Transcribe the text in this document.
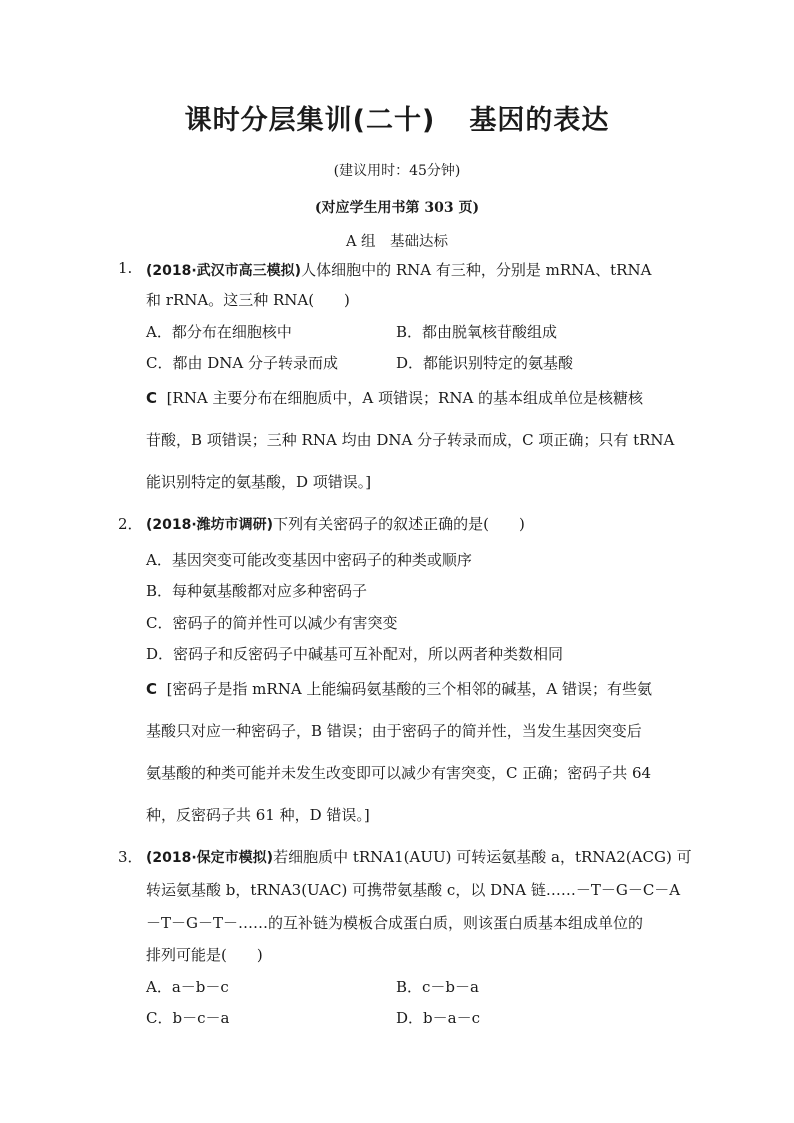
课时分层集训(二十) 基因的表达
(建议用时：45分钟)
(对应学生用书第 303 页)
A 组　基础达标
1. (2018·武汉市高三模拟)人体细胞中的 RNA 有三种，分别是 mRNA、tRNA
和 rRNA。这三种 RNA(　　)
A．都分布在细胞核中	B．都由脱氧核苷酸组成
C．都由 DNA 分子转录而成	D．都能识别特定的氨基酸
C [RNA 主要分布在细胞质中，A 项错误；RNA 的基本组成单位是核糖核
苷酸，B 项错误；三种 RNA 均由 DNA 分子转录而成，C 项正确；只有 tRNA
能识别特定的氨基酸，D 项错误。]
2． (2018·潍坊市调研)下列有关密码子的叙述正确的是(　　)
A．基因突变可能改变基因中密码子的种类或顺序
B．每种氨基酸都对应多种密码子
C．密码子的简并性可以减少有害突变
D．密码子和反密码子中碱基可互补配对，所以两者种类数相同
C [密码子是指 mRNA 上能编码氨基酸的三个相邻的碱基，A 错误；有些氨
基酸只对应一种密码子，B 错误；由于密码子的简并性，当发生基因突变后
氨基酸的种类可能并未发生改变即可以减少有害突变，C 正确；密码子共 64
种，反密码子共 61 种，D 错误。]
3． (2018·保定市模拟)若细胞质中 tRNA1(AUU) 可转运氨基酸 a，tRNA2(ACG) 可
转运氨基酸 b，tRNA3(UAC) 可携带氨基酸 c，以 DNA 链……－T－G－C－A
－T－G－T－……的互补链为模板合成蛋白质，则该蛋白质基本组成单位的
排列可能是(　　)
A．a－b－c	B．c－b－a
C．b－c－a	D．b－a－c
